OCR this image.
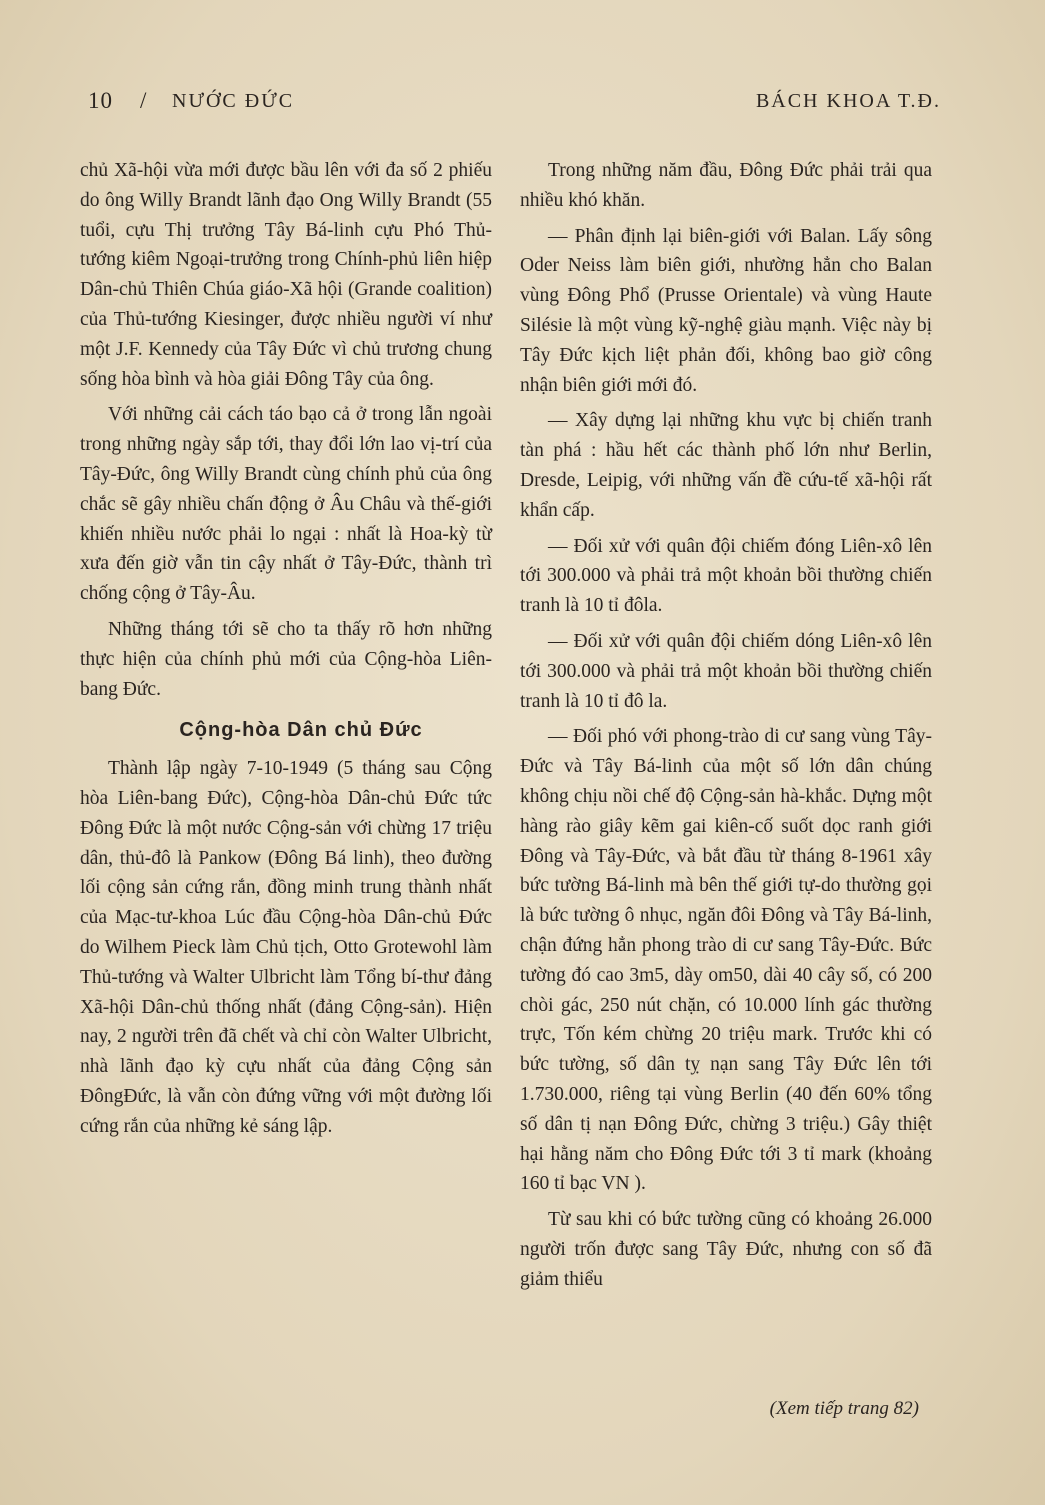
10 / NƯỚC ĐỨC	BÁCH KHOA T.Đ.

chủ Xã-hội vừa mới được bầu lên với đa số 2 phiếu do ông Willy Brandt lãnh đạo Ong Willy Brandt (55 tuổi, cựu Thị trưởng Tây Bá-linh cựu Phó Thủ-tướng kiêm Ngoại-trưởng trong Chính-phủ liên hiệp Dân-chủ Thiên Chúa giáo-Xã hội (Grande coalition) của Thủ-tướng Kiesinger, được nhiều người ví như một J.F. Kennedy của Tây Đức vì chủ trương chung sống hòa bình và hòa giải Đông Tây của ông.

Với những cải cách táo bạo cả ở trong lẫn ngoài trong những ngày sắp tới, thay đổi lớn lao vị-trí của Tây-Đức, ông Willy Brandt cùng chính phủ của ông chắc sẽ gây nhiều chấn động ở Âu Châu và thế-giới khiến nhiều nước phải lo ngại : nhất là Hoa-kỳ từ xưa đến giờ vẫn tin cậy nhất ở Tây-Đức, thành trì chống cộng ở Tây-Âu.

Những tháng tới sẽ cho ta thấy rõ hơn những thực hiện của chính phủ mới của Cộng-hòa Liên-bang Đức.

Cộng-hòa Dân chủ Đức

Thành lập ngày 7-10-1949 (5 tháng sau Cộng hòa Liên-bang Đức), Cộng-hòa Dân-chủ Đức tức Đông Đức là một nước Cộng-sản với chừng 17 triệu dân, thủ-đô là Pankow (Đông Bá linh), theo đường lối cộng sản cứng rắn, đồng minh trung thành nhất của Mạc-tư-khoa Lúc đầu Cộng-hòa Dân-chủ Đức do Wilhem Pieck làm Chủ tịch, Otto Grotewohl làm Thủ-tướng và Walter Ulbricht làm Tổng bí-thư đảng Xã-hội Dân-chủ thống nhất (đảng Cộng-sản). Hiện nay, 2 người trên đã chết và chỉ còn Walter Ulbricht, nhà lãnh đạo kỳ cựu nhất của đảng Cộng sản ĐôngĐức, là vẫn còn đứng vững với một đường lối cứng rắn của những kẻ sáng lập.

Trong những năm đầu, Đông Đức phải trải qua nhiều khó khăn.

— Phân định lại biên-giới với Balan. Lấy sông Oder Neiss làm biên giới, nhường hẳn cho Balan vùng Đông Phổ (Prusse Orientale) và vùng Haute Silésie là một vùng kỹ-nghệ giàu mạnh. Việc này bị Tây Đức kịch liệt phản đối, không bao giờ công nhận biên giới mới đó.

— Xây dựng lại những khu vực bị chiến tranh tàn phá : hầu hết các thành phố lớn như Berlin, Dresde, Leipig, với những vấn đề cứu-tế xã-hội rất khẩn cấp.

— Đối xử với quân đội chiếm đóng Liên-xô lên tới 300.000 và phải trả một khoản bồi thường chiến tranh là 10 tỉ đôla.

— Đối xử với quân đội chiếm dóng Liên-xô lên tới 300.000 và phải trả một khoản bồi thường chiến tranh là 10 tỉ đô la.

— Đối phó với phong-trào di cư sang vùng Tây-Đức và Tây Bá-linh của một số lớn dân chúng không chịu nồi chế độ Cộng-sản hà-khắc. Dựng một hàng rào giây kẽm gai kiên-cố suốt dọc ranh giới Đông và Tây-Đức, và bắt đầu từ tháng 8-1961 xây bức tường Bá-linh mà bên thế giới tự-do thường gọi là bức tường ô nhục, ngăn đôi Đông và Tây Bá-linh, chận đứng hẳn phong trào di cư sang Tây-Đức. Bức tường đó cao 3m5, dày om50, dài 40 cây số, có 200 chòi gác, 250 nút chặn, có 10.000 lính gác thường trực, Tốn kém chừng 20 triệu mark. Trước khi có bức tường, số dân tỵ nạn sang Tây Đức lên tới 1.730.000, riêng tại vùng Berlin (40 đến 60% tổng số dân tị nạn Đông Đức, chừng 3 triệu.) Gây thiệt hại hằng năm cho Đông Đức tới 3 tỉ mark (khoảng 160 tỉ bạc VN ).

Từ sau khi có bức tường cũng có khoảng 26.000 người trốn được sang Tây Đức, nhưng con số đã giảm thiểu

(Xem tiếp trang 82)
